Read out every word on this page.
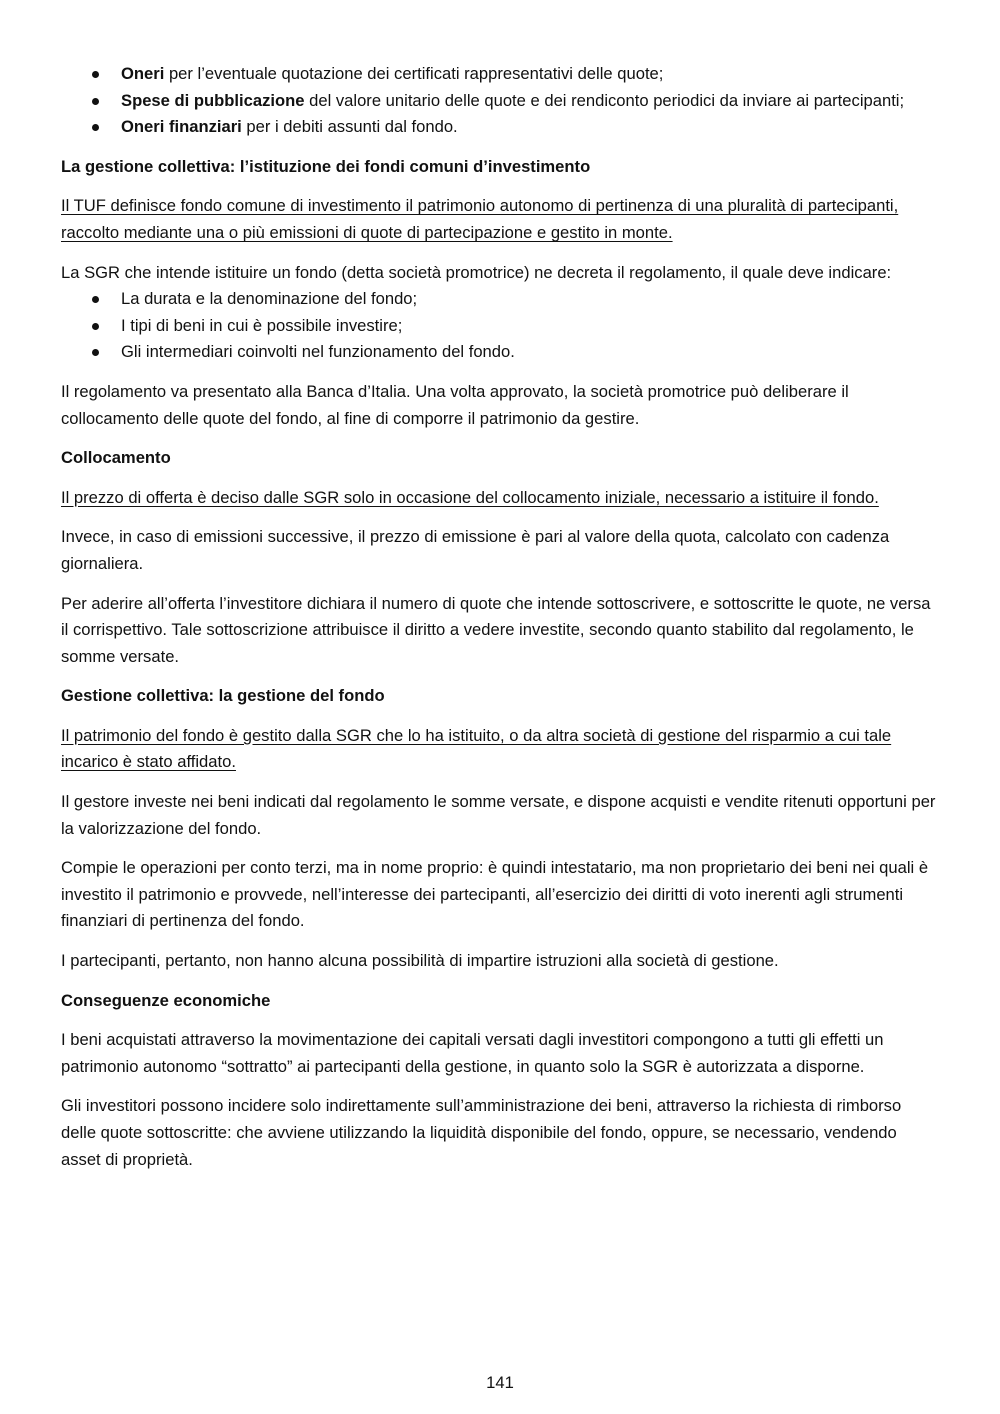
Oneri per l’eventuale quotazione dei certificati rappresentativi delle quote;
Spese di pubblicazione del valore unitario delle quote e dei rendiconto periodici da inviare ai partecipanti;
Oneri finanziari per i debiti assunti dal fondo.

La gestione collettiva: l’istituzione dei fondi comuni d’investimento

Il TUF definisce fondo comune di investimento il patrimonio autonomo di pertinenza di una pluralità di partecipanti, raccolto mediante una o più emissioni di quote di partecipazione e gestito in monte.

La SGR che intende istituire un fondo (detta società promotrice) ne decreta il regolamento, il quale deve indicare:

La durata e la denominazione del fondo;
I tipi di beni in cui è possibile investire;
Gli intermediari coinvolti nel funzionamento del fondo.

Il regolamento va presentato alla Banca d’Italia. Una volta approvato, la società promotrice può deliberare il collocamento delle quote del fondo, al fine di comporre il patrimonio da gestire.

Collocamento

Il prezzo di offerta è deciso dalle SGR solo in occasione del collocamento iniziale, necessario a istituire il fondo.

Invece, in caso di emissioni successive, il prezzo di emissione è pari al valore della quota, calcolato con cadenza giornaliera.

Per aderire all’offerta l’investitore dichiara il numero di quote che intende sottoscrivere, e sottoscritte le quote, ne versa il corrispettivo. Tale sottoscrizione attribuisce il diritto a vedere investite, secondo quanto stabilito dal regolamento, le somme versate.

Gestione collettiva: la gestione del fondo

Il patrimonio del fondo è gestito dalla SGR che lo ha istituito, o da altra società di gestione del risparmio a cui tale incarico è stato affidato.

Il gestore investe nei beni indicati dal regolamento le somme versate, e dispone acquisti e vendite ritenuti opportuni per la valorizzazione del fondo.

Compie le operazioni per conto terzi, ma in nome proprio: è quindi intestatario, ma non proprietario dei beni nei quali è investito il patrimonio e provvede, nell’interesse dei partecipanti, all’esercizio dei diritti di voto inerenti agli strumenti finanziari di pertinenza del fondo.

I partecipanti, pertanto, non hanno alcuna possibilità di impartire istruzioni alla società di gestione.

Conseguenze economiche

I beni acquistati attraverso la movimentazione dei capitali versati dagli investitori compongono a tutti gli effetti un patrimonio autonomo “sottratto” ai partecipanti della gestione, in quanto solo la SGR è autorizzata a disporne.

Gli investitori possono incidere solo indirettamente sull’amministrazione dei beni, attraverso la richiesta di rimborso delle quote sottoscritte: che avviene utilizzando la liquidità disponibile del fondo, oppure, se necessario, vendendo asset di proprietà.

141
